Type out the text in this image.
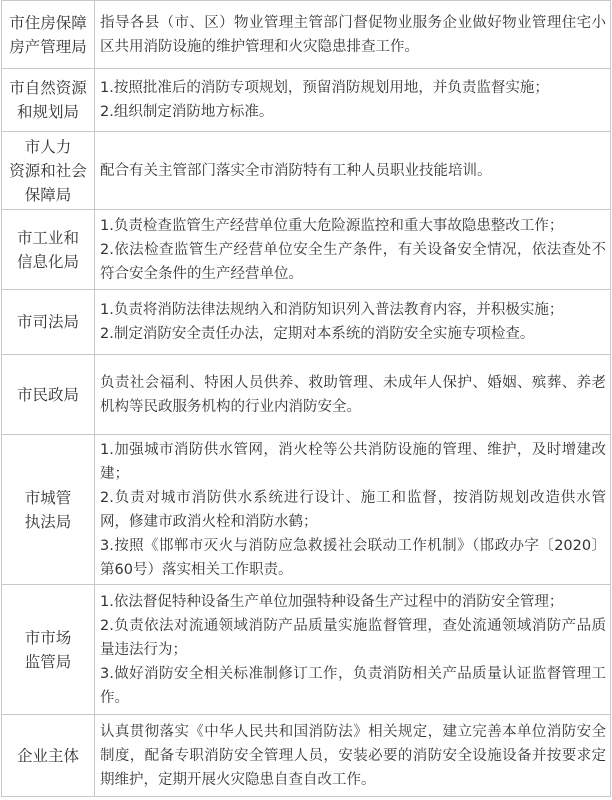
市住房保障
房产管理局	指导各县（市、区）物业管理主管部门督促物业服务企业做好物业管理住宅小区共用消防设施的维护管理和火灾隐患排查工作。

市自然资源
和规划局	1.按照批准后的消防专项规划，预留消防规划用地，并负责监督实施；
2.组织制定消防地方标准。

市人力
资源和社会
保障局	配合有关主管部门落实全市消防特有工种人员职业技能培训。

市工业和
信息化局	1.负责检查监管生产经营单位重大危险源监控和重大事故隐患整改工作；
2.依法检查监管生产经营单位安全生产条件，有关设备安全情况，依法查处不符合安全条件的生产经营单位。

市司法局	1.负责将消防法律法规纳入和消防知识列入普法教育内容，并积极实施；
2.制定消防安全责任办法，定期对本系统的消防安全实施专项检查。

市民政局	负责社会福利、特困人员供养、救助管理、未成年人保护、婚姻、殡葬、养老机构等民政服务机构的行业内消防安全。

市城管
执法局	1.加强城市消防供水管网，消火栓等公共消防设施的管理、维护，及时增建改建；
2.负责对城市消防供水系统进行设计、施工和监督，按消防规划改造供水管网，修建市政消火栓和消防水鹤；
3.按照《邯郸市灭火与消防应急救援社会联动工作机制》（邯政办字〔2020〕第60号）落实相关工作职责。

市市场
监管局	1.依法督促特种设备生产单位加强特种设备生产过程中的消防安全管理；
2.负责依法对流通领域消防产品质量实施监督管理，查处流通领域消防产品质量违法行为；
3.做好消防安全相关标准制修订工作，负责消防相关产品质量认证监督管理工作。

企业主体	认真贯彻落实《中华人民共和国消防法》相关规定，建立完善本单位消防安全制度，配备专职消防安全管理人员，安装必要的消防安全设施设备并按要求定期维护，定期开展火灾隐患自查自改工作。
